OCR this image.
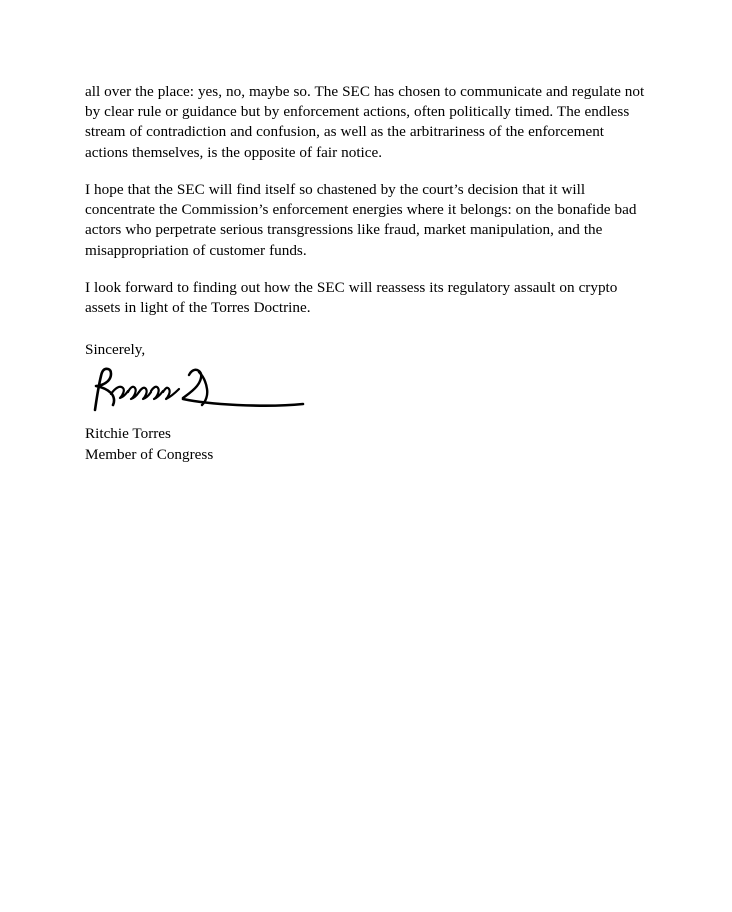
all over the place: yes, no, maybe so. The SEC has chosen to communicate and regulate not by clear rule or guidance but by enforcement actions, often politically timed. The endless stream of contradiction and confusion, as well as the arbitrariness of the enforcement actions themselves, is the opposite of fair notice.

I hope that the SEC will find itself so chastened by the court’s decision that it will concentrate the Commission’s enforcement energies where it belongs: on the bonafide bad actors who perpetrate serious transgressions like fraud, market manipulation, and the misappropriation of customer funds.

I look forward to finding out how the SEC will reassess its regulatory assault on crypto assets in light of the Torres Doctrine.

Sincerely,

Ritchie Torres

Member of Congress
